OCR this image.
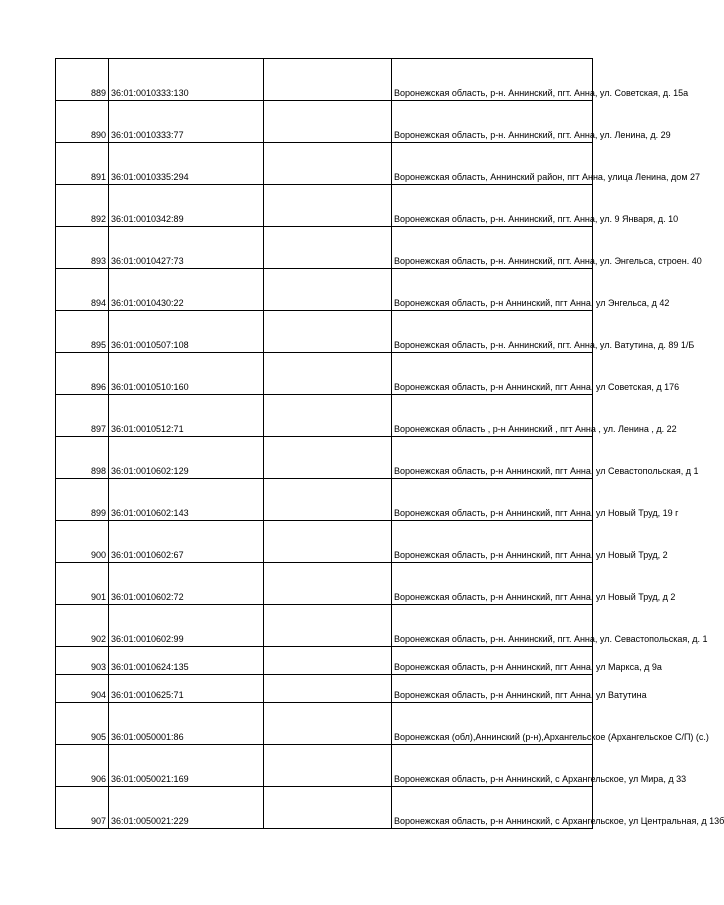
889	36:01:0010333:130		Воронежская область, р-н. Аннинский, пгт. Анна, ул. Советская, д. 15а
890	36:01:0010333:77		Воронежская область, р-н. Аннинский, пгт. Анна, ул. Ленина, д. 29
891	36:01:0010335:294		Воронежская область, Аннинский район, пгт Анна, улица Ленина, дом 27
892	36:01:0010342:89		Воронежская область, р-н. Аннинский, пгт. Анна, ул. 9 Января, д. 10
893	36:01:0010427:73		Воронежская область, р-н. Аннинский, пгт. Анна, ул. Энгельса, строен. 40
894	36:01:0010430:22		Воронежская область, р-н Аннинский, пгт Анна, ул Энгельса, д 42
895	36:01:0010507:108		Воронежская область, р-н. Аннинский, пгт. Анна, ул. Ватутина, д. 89 1/Б
896	36:01:0010510:160		Воронежская область, р-н Аннинский, пгт Анна, ул Советская, д 176
897	36:01:0010512:71		Воронежская область , р-н Аннинский , пгт Анна , ул. Ленина , д. 22
898	36:01:0010602:129		Воронежская область, р-н Аннинский, пгт Анна, ул Севастопольская, д 1
899	36:01:0010602:143		Воронежская область, р-н Аннинский, пгт Анна, ул Новый Труд, 19 г
900	36:01:0010602:67		Воронежская область, р-н Аннинский, пгт Анна, ул Новый Труд, 2
901	36:01:0010602:72		Воронежская область, р-н Аннинский, пгт Анна, ул Новый Труд, д 2
902	36:01:0010602:99		Воронежская область, р-н. Аннинский, пгт. Анна, ул. Севастопольская, д. 1
903	36:01:0010624:135		Воронежская область, р-н Аннинский, пгт Анна, ул Маркса, д 9а
904	36:01:0010625:71		Воронежская область, р-н Аннинский, пгт Анна, ул Ватутина
905	36:01:0050001:86		Воронежская (обл),Аннинский (р-н),Архангельское (Архангельское С/П) (с.)
906	36:01:0050021:169		Воронежская область, р-н Аннинский, с Архангельское, ул Мира, д 33
907	36:01:0050021:229		Воронежская область, р-н Аннинский, с Архангельское, ул Центральная, д 13б
